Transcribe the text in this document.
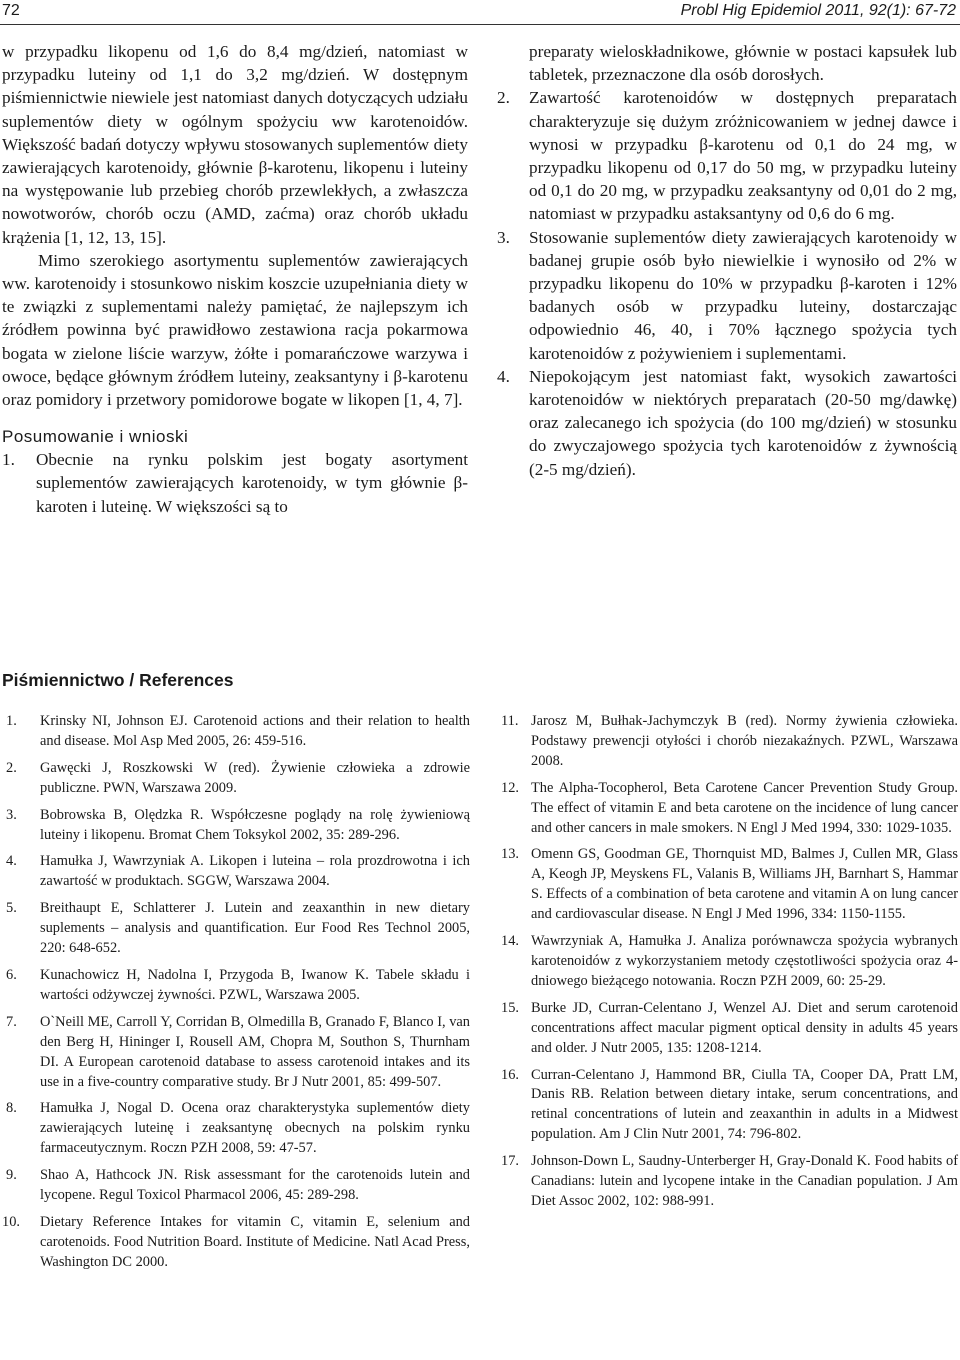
72	Probl Hig Epidemiol 2011, 92(1): 67-72

w przypadku likopenu od 1,6 do 8,4 mg/dzień, natomiast w przypadku luteiny od 1,1 do 3,2 mg/dzień. W dostępnym piśmiennictwie niewiele jest natomiast danych dotyczących udziału suplementów diety w ogólnym spożyciu ww karotenoidów. Większość badań dotyczy wpływu stosowanych suplementów diety zawierających karotenoidy, głównie β-karotenu, likopenu i luteiny na występowanie lub przebieg chorób przewlekłych, a zwłaszcza nowotworów, chorób oczu (AMD, zaćma) oraz chorób układu krążenia [1, 12, 13, 15].

Mimo szerokiego asortymentu suplementów zawierających ww. karotenoidy i stosunkowo niskim koszcie uzupełniania diety w te związki z suplementami należy pamiętać, że najlepszym ich źródłem powinna być prawidłowo zestawiona racja pokarmowa bogata w zielone liście warzyw, żółte i pomarańczowe warzywa i owoce, będące głównym źródłem luteiny, zeaksantyny i β-karotenu oraz pomidory i przetwory pomidorowe bogate w likopen [1, 4, 7].

Posumowanie i wnioski
1. Obecnie na rynku polskim jest bogaty asortyment suplementów zawierających karotenoidy, w tym głównie β-karoten i luteinę. W większości są to
preparaty wieloskładnikowe, głównie w postaci kapsułek lub tabletek, przeznaczone dla osób dorosłych.
2. Zawartość karotenoidów w dostępnych preparatach charakteryzuje się dużym zróżnicowaniem w jednej dawce i wynosi w przypadku β-karotenu od 0,1 do 24 mg, w przypadku likopenu od 0,17 do 50 mg, w przypadku luteiny od 0,1 do 20 mg, w przypadku zeaksantyny od 0,01 do 2 mg, natomiast w przypadku astaksantyny od 0,6 do 6 mg.
3. Stosowanie suplementów diety zawierających karotenoidy w badanej grupie osób było niewielkie i wynosiło od 2% w przypadku likopenu do 10% w przypadku β-karoten i 12% badanych osób w przypadku luteiny, dostarczając odpowiednio 46, 40, i 70% łącznego spożycia tych karotenoidów z pożywieniem i suplementami.
4. Niepokojącym jest natomiast fakt, wysokich zawartości karotenoidów w niektórych preparatach (20-50 mg/dawkę) oraz zalecanego ich spożycia (do 100 mg/dzień) w stosunku do zwyczajowego spożycia tych karotenoidów z żywnością (2-5 mg/dzień).
Piśmiennictwo / References
1. Krinsky NI, Johnson EJ. Carotenoid actions and their relation to health and disease. Mol Asp Med 2005, 26: 459-516.
2. Gawęcki J, Roszkowski W (red). Żywienie człowieka a zdrowie publiczne. PWN, Warszawa 2009.
3. Bobrowska B, Olędzka R. Współczesne poglądy na rolę żywieniową luteiny i likopenu. Bromat Chem Toksykol 2002, 35: 289-296.
4. Hamułka J, Wawrzyniak A. Likopen i luteina – rola prozdrowotna i ich zawartość w produktach. SGGW, Warszawa 2004.
5. Breithaupt E, Schlatterer J. Lutein and zeaxanthin in new dietary suplements – analysis and quantification. Eur Food Res Technol 2005, 220: 648-652.
6. Kunachowicz H, Nadolna I, Przygoda B, Iwanow K. Tabele składu i wartości odżywczej żywności. PZWL, Warszawa 2005.
7. O`Neill ME, Carroll Y, Corridan B, Olmedilla B, Granado F, Blanco I, van den Berg H, Hininger I, Rousell AM, Chopra M, Southon S, Thurnham DI. A European carotenoid database to assess carotenoid intakes and its use in a five-country comparative study. Br J Nutr 2001, 85: 499-507.
8. Hamułka J, Nogal D. Ocena oraz charakterystyka suplementów diety zawierających luteinę i zeaksantynę obecnych na polskim rynku farmaceutycznym. Roczn PZH 2008, 59: 47-57.
9. Shao A, Hathcock JN. Risk assessmant for the carotenoids lutein and lycopene. Regul Toxicol Pharmacol 2006, 45: 289-298.
10. Dietary Reference Intakes for vitamin C, vitamin E, selenium and carotenoids. Food Nutrition Board. Institute of Medicine. Natl Acad Press, Washington DC 2000.
11. Jarosz M, Bułhak-Jachymczyk B (red). Normy żywienia człowieka. Podstawy prewencji otyłości i chorób niezakaźnych. PZWL, Warszawa 2008.
12. The Alpha-Tocopherol, Beta Carotene Cancer Prevention Study Group. The effect of vitamin E and beta carotene on the incidence of lung cancer and other cancers in male smokers. N Engl J Med 1994, 330: 1029-1035.
13. Omenn GS, Goodman GE, Thornquist MD, Balmes J, Cullen MR, Glass A, Keogh JP, Meyskens FL, Valanis B, Williams JH, Barnhart S, Hammar S. Effects of a combination of beta carotene and vitamin A on lung cancer and cardiovascular disease. N Engl J Med 1996, 334: 1150-1155.
14. Wawrzyniak A, Hamułka J. Analiza porównawcza spożycia wybranych karotenoidów z wykorzystaniem metody częstotliwości spożycia oraz 4-dniowego bieżącego notowania. Roczn PZH 2009, 60: 25-29.
15. Burke JD, Curran-Celentano J, Wenzel AJ. Diet and serum carotenoid concentrations affect macular pigment optical density in adults 45 years and older. J Nutr 2005, 135: 1208-1214.
16. Curran-Celentano J, Hammond BR, Ciulla TA, Cooper DA, Pratt LM, Danis RB. Relation between dietary intake, serum concentrations, and retinal concentrations of lutein and zeaxanthin in adults in a Midwest population. Am J Clin Nutr 2001, 74: 796-802.
17. Johnson-Down L, Saudny-Unterberger H, Gray-Donald K. Food habits of Canadians: lutein and lycopene intake in the Canadian population. J Am Diet Assoc 2002, 102: 988-991.
